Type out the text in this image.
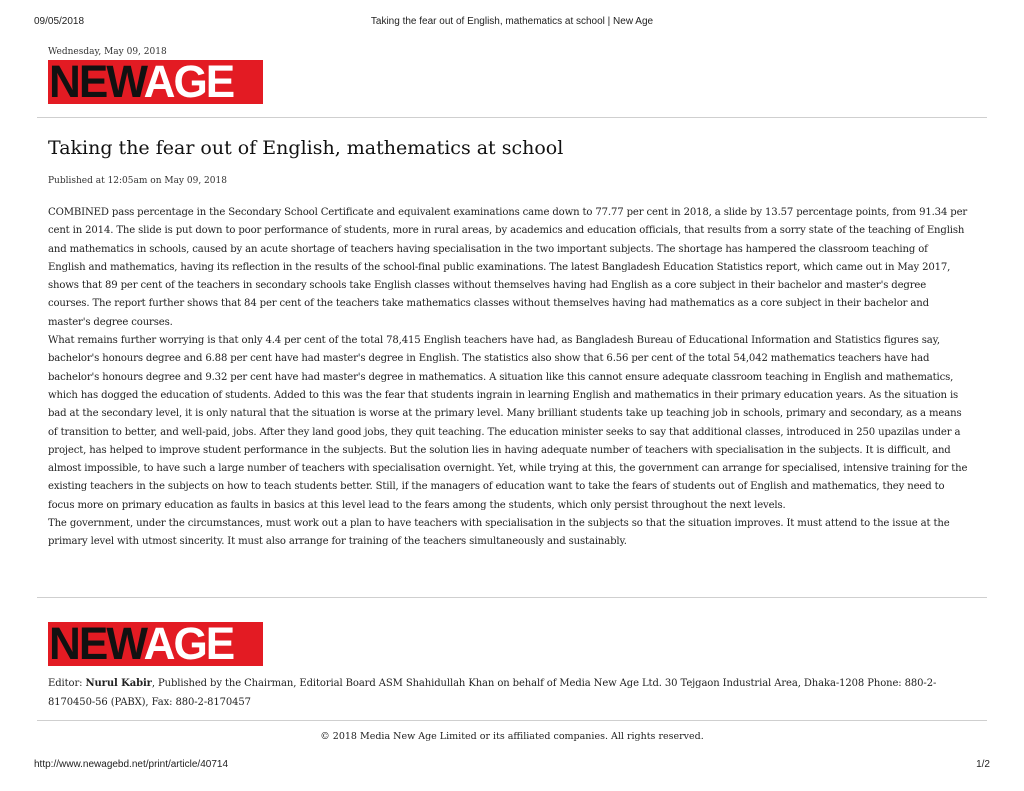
09/05/2018	Taking the fear out of English, mathematics at school | New Age
Wednesday, May 09, 2018
NEWAGE
Taking the fear out of English, mathematics at school
Published at 12:05am on May 09, 2018

COMBINED pass percentage in the Secondary School Certificate and equivalent examinations came down to 77.77 per cent in 2018, a slide by 13.57 percentage points, from 91.34 per cent in 2014. The slide is put down to poor performance of students, more in rural areas, by academics and education officials, that results from a sorry state of the teaching of English and mathematics in schools, caused by an acute shortage of teachers having specialisation in the two important subjects. The shortage has hampered the classroom teaching of English and mathematics, having its reflection in the results of the school-final public examinations. The latest Bangladesh Education Statistics report, which came out in May 2017, shows that 89 per cent of the teachers in secondary schools take English classes without themselves having had English as a core subject in their bachelor and master's degree courses. The report further shows that 84 per cent of the teachers take mathematics classes without themselves having had mathematics as a core subject in their bachelor and master's degree courses.

What remains further worrying is that only 4.4 per cent of the total 78,415 English teachers have had, as Bangladesh Bureau of Educational Information and Statistics figures say, bachelor's honours degree and 6.88 per cent have had master's degree in English. The statistics also show that 6.56 per cent of the total 54,042 mathematics teachers have had bachelor's honours degree and 9.32 per cent have had master's degree in mathematics. A situation like this cannot ensure adequate classroom teaching in English and mathematics, which has dogged the education of students. Added to this was the fear that students ingrain in learning English and mathematics in their primary education years. As the situation is bad at the secondary level, it is only natural that the situation is worse at the primary level. Many brilliant students take up teaching job in schools, primary and secondary, as a means of transition to better, and well-paid, jobs. After they land good jobs, they quit teaching. The education minister seeks to say that additional classes, introduced in 250 upazilas under a project, has helped to improve student performance in the subjects. But the solution lies in having adequate number of teachers with specialisation in the subjects. It is difficult, and almost impossible, to have such a large number of teachers with specialisation overnight. Yet, while trying at this, the government can arrange for specialised, intensive training for the existing teachers in the subjects on how to teach students better. Still, if the managers of education want to take the fears of students out of English and mathematics, they need to focus more on primary education as faults in basics at this level lead to the fears among the students, which only persist throughout the next levels.

The government, under the circumstances, must work out a plan to have teachers with specialisation in the subjects so that the situation improves. It must attend to the issue at the primary level with utmost sincerity. It must also arrange for training of the teachers simultaneously and sustainably.

NEWAGE
Editor: Nurul Kabir, Published by the Chairman, Editorial Board ASM Shahidullah Khan on behalf of Media New Age Ltd. 30 Tejgaon Industrial Area, Dhaka-1208 Phone: 880-2-8170450-56 (PABX), Fax: 880-2-8170457
© 2018 Media New Age Limited or its affiliated companies. All rights reserved.
http://www.newagebd.net/print/article/40714	1/2
